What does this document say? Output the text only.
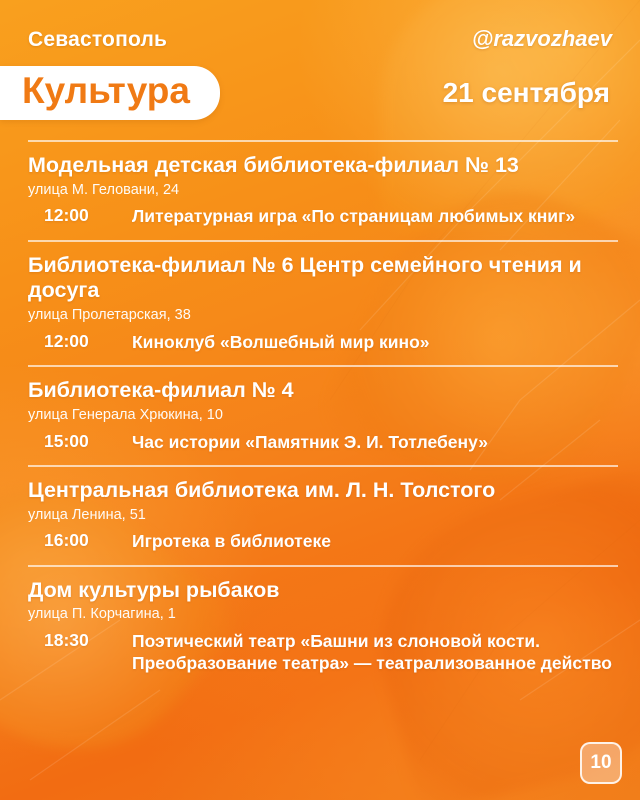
Севастополь	@razvozhaev
Культура	21 сентября
Модельная детская библиотека-филиал № 13
улица М. Геловани, 24
12:00	Литературная игра «По страницам любимых книг»
Библиотека-филиал № 6 Центр семейного чтения и досуга
улица Пролетарская, 38
12:00	Киноклуб «Волшебный мир кино»
Библиотека-филиал № 4
улица Генерала Хрюкина, 10
15:00	Час истории «Памятник Э. И. Тотлебену»
Центральная библиотека им. Л. Н. Толстого
улица Ленина, 51
16:00	Игротека в библиотеке
Дом культуры рыбаков
улица П. Корчагина, 1
18:30	Поэтический театр «Башни из слоновой кости. Преобразование театра» — театрализованное действо
10
